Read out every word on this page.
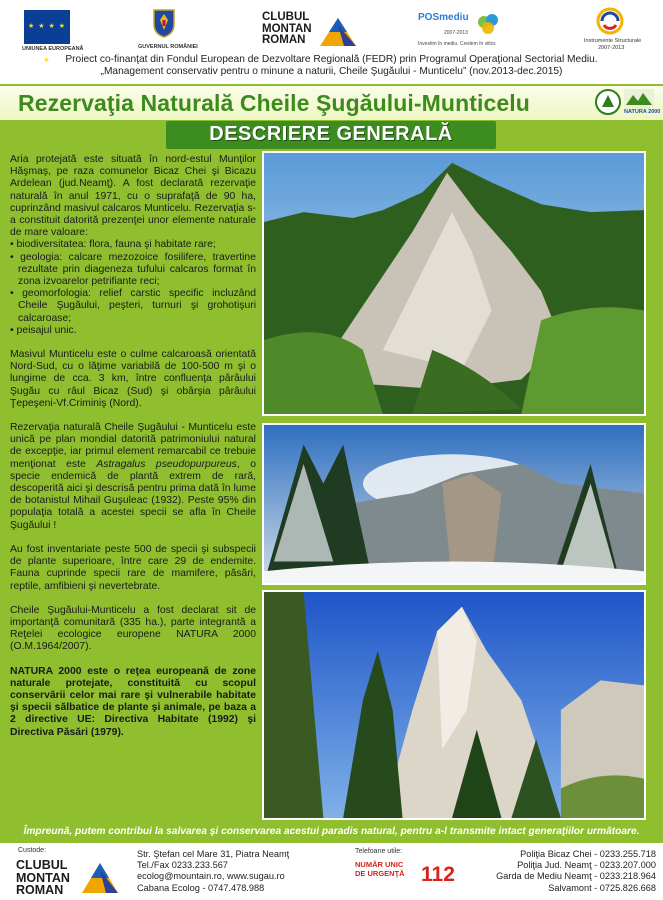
★ ★ ★ ★ ★
UNIUNEA EUROPEANĂ	GUVERNUL ROMÂNIEI
CLUBUL
MONTAN
ROMAN
POSmediu
2007-2013
Investim în mediu. Credem în viitor.	Instrumente Structurale
2007-2013
Proiect co-finanţat din Fondul European de Dezvoltare Regională (FEDR) prin Programul Operaţional Sectorial Mediu.
„Management conservativ pentru o minune a naturii, Cheile Şugăului - Munticelu” (nov.2013-dec.2015)
Rezervaţia Naturală Cheile Şugăului-Munticelu	NATURA 2000
DESCRIERE GENERALĂ
Aria protejată este situată în nord-estul Munţilor Hăşmaş, pe raza comunelor Bicaz Chei şi Bicazu Ardelean (jud.Neamţ). A fost declarată rezervaţie naturală în anul 1971, cu o suprafaţă de 90 ha, cuprinzând masivul calcaros Munticelu. Rezervaţia s-a constituit datorită prezenţei unor elemente naturale de mare valoare:
• biodiversitatea: flora, fauna şi habitate rare;
• geologia: calcare mezozoice fosilifere, travertine rezultate prin diageneza tufului calcaros format în zona izvoarelor petrifiante reci;
• geomorfologia: relief carstic specific incluzând Cheile Şugăului, peşteri, turnuri şi grohotişuri calcaroase;
• peisajul unic.
Masivul Munticelu este o culme calcaroasă orientată Nord-Sud, cu o lăţime variabilă de 100-500 m şi o lungime de cca. 3 km, între confluenţa pârâului Şugău cu râul Bicaz (Sud) şi obârşia pârâului Ţepeşeni-Vf.Criminiş (Nord).
Rezervaţia naturală Cheile Şugăului - Munticelu este unică pe plan mondial datorită patrimoniului natural de excepţie, iar primul element remarcabil ce trebuie menţionat este Astragalus pseudopurpureus, o specie endemică de plantă extrem de rară, descoperită aici şi descrisă pentru prima dată în lume de botanistul Mihail Guşuleac (1932). Peste 95% din populaţia totală a acestei specii se afla în Cheile Şugăului !
Au fost inventariate peste 500 de specii şi subspecii de plante superioare, între care 29 de endemite. Fauna cuprinde specii rare de mamifere, păsări, reptile, amfibieni şi nevertebrate.
Cheile Şugăului-Munticelu a fost declarat sit de importanţă comunitară (335 ha.), parte integrantă a Reţelei ecologice europene NATURA 2000 (O.M.1964/2007).
NATURA 2000 este o reţea europeană de zone naturale protejate, constituită cu scopul conservării celor mai rare şi vulnerabile habitate şi specii sălbatice de plante şi animale, pe baza a 2 directive UE: Directiva Habitate (1992) şi Directiva Păsări (1979).
Împreună, putem contribui la salvarea şi conservarea acestui paradis natural, pentru a-l transmite intact generaţiilor următoare.
Custode:
CLUBUL
MONTAN
ROMAN
Str. Ştefan cel Mare 31, Piatra Neamţ
Tel./Fax 0233.233.567
ecolog@mountain.ro, www.sugau.ro
Cabana Ecolog - 0747.478.988
Telefoane utile:
NUMĂR UNIC DE URGENŢĂ 112
Poliţia Bicaz Chei - 0233.255.718
Poliţia Jud. Neamţ - 0233.207.000
Garda de Mediu Neamţ - 0233.218.964
Salvamont - 0725.826.668
